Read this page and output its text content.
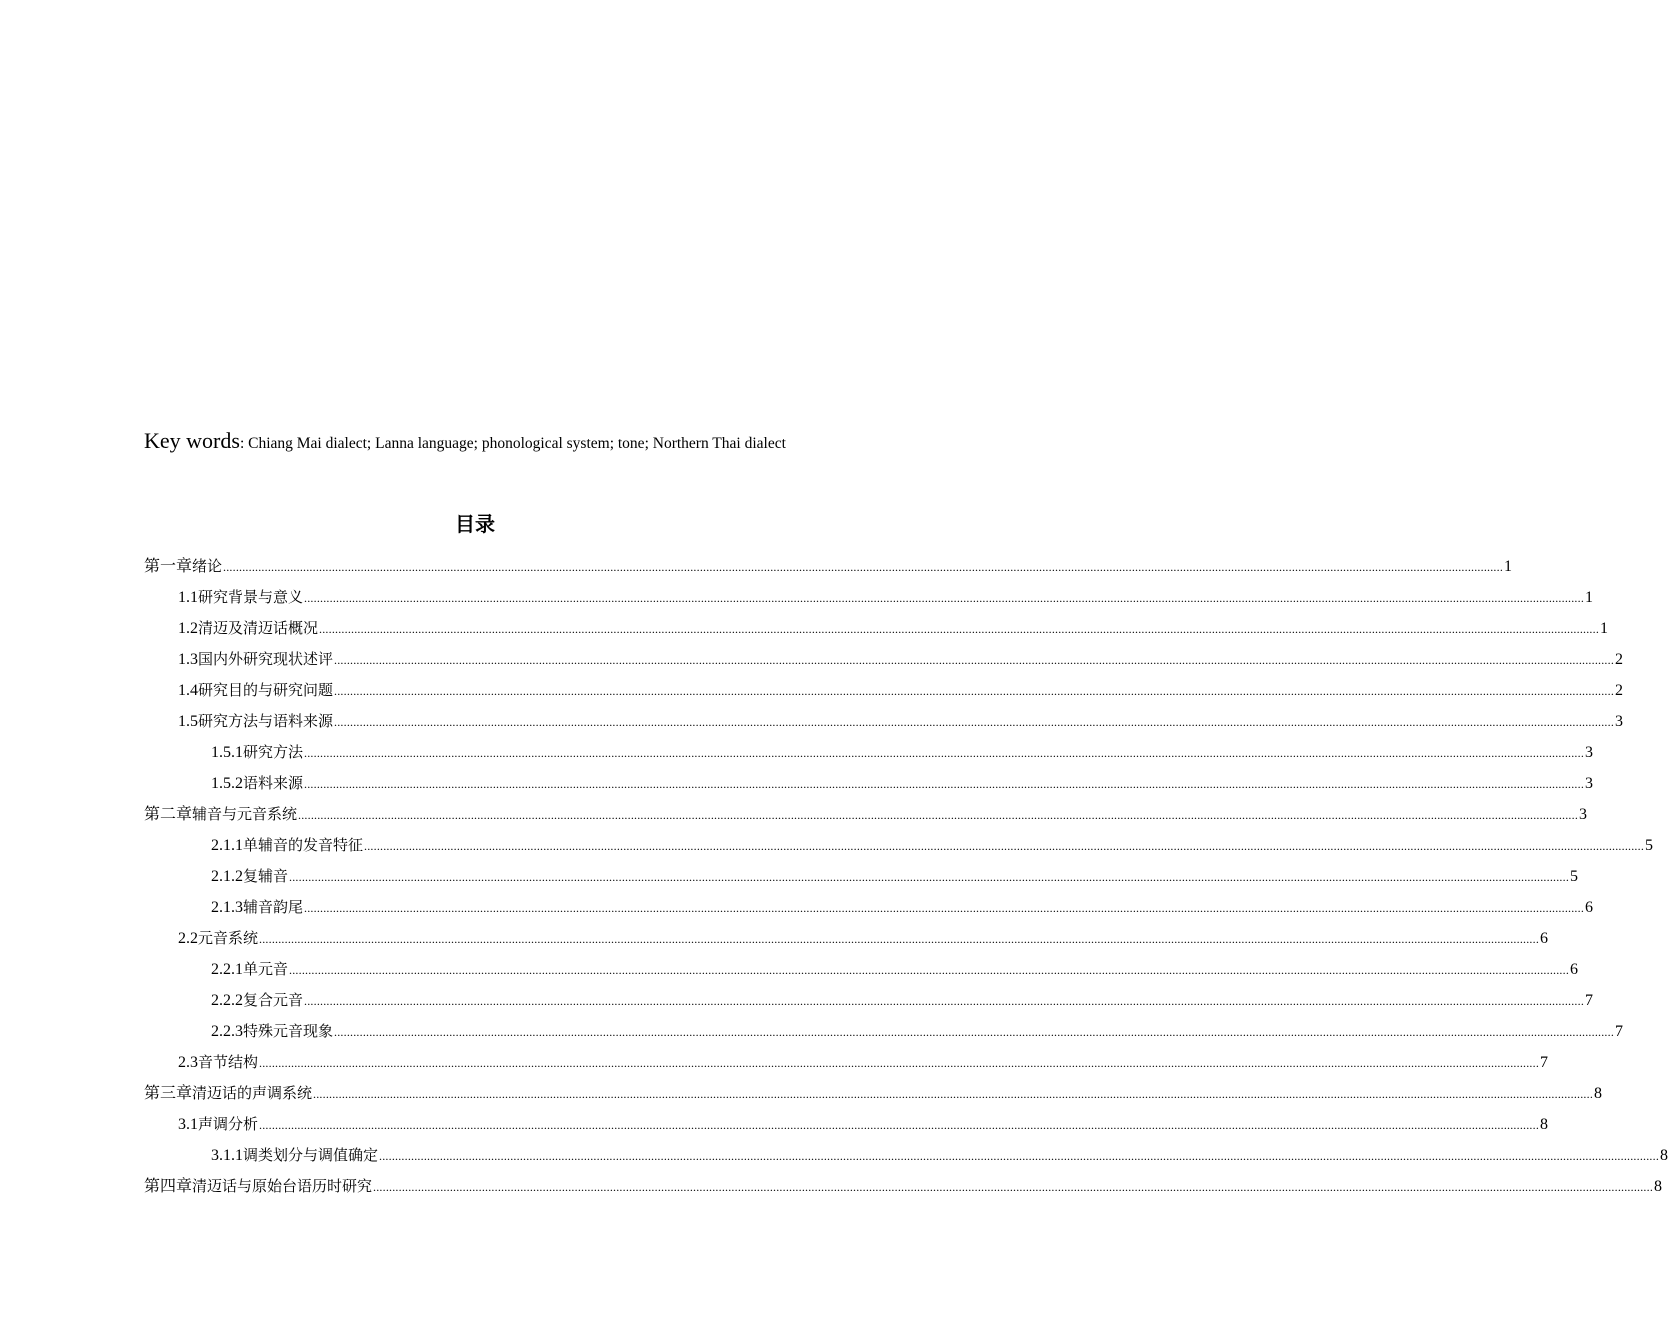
Key words: Chiang Mai dialect; Lanna language; phonological system; tone; Northern Thai dialect

目录
第一章 绪论 ................................................................................................................................................................................................................................................................................................................................................................................................................ 1
1.1 研究背景与意义 ................................................................................................................................................................................................................................................................................................................................................................................................................ 1
1.2 清迈及清迈话概况 ................................................................................................................................................................................................................................................................................................................................................................................................................ 1
1.3 国内外研究现状述评 ................................................................................................................................................................................................................................................................................................................................................................................................................ 2
1.4 研究目的与研究问题 ................................................................................................................................................................................................................................................................................................................................................................................................................ 2
1.5 研究方法与语料来源 ................................................................................................................................................................................................................................................................................................................................................................................................................ 3
1.5.1 研究方法 ................................................................................................................................................................................................................................................................................................................................................................................................................ 3
1.5.2 语料来源 ................................................................................................................................................................................................................................................................................................................................................................................................................ 3
第二章 辅音与元音系统 ................................................................................................................................................................................................................................................................................................................................................................................................................ 3
2.1.1 单辅音的发音特征 ................................................................................................................................................................................................................................................................................................................................................................................................................ 5
2.1.2 复辅音 ................................................................................................................................................................................................................................................................................................................................................................................................................ 5
2.1.3 辅音韵尾 ................................................................................................................................................................................................................................................................................................................................................................................................................ 6
2.2 元音系统 ................................................................................................................................................................................................................................................................................................................................................................................................................ 6
2.2.1 单元音 ................................................................................................................................................................................................................................................................................................................................................................................................................ 6
2.2.2 复合元音 ................................................................................................................................................................................................................................................................................................................................................................................................................ 7
2.2.3 特殊元音现象 ................................................................................................................................................................................................................................................................................................................................................................................................................ 7
2.3 音节结构 ................................................................................................................................................................................................................................................................................................................................................................................................................ 7
第三章 清迈话的声调系统 ................................................................................................................................................................................................................................................................................................................................................................................................................ 8
3.1 声调分析 ................................................................................................................................................................................................................................................................................................................................................................................................................ 8
3.1.1 调类划分与调值确定 ................................................................................................................................................................................................................................................................................................................................................................................................................ 8
第四章 清迈话与原始台语历时研究 ................................................................................................................................................................................................................................................................................................................................................................................................................ 8
